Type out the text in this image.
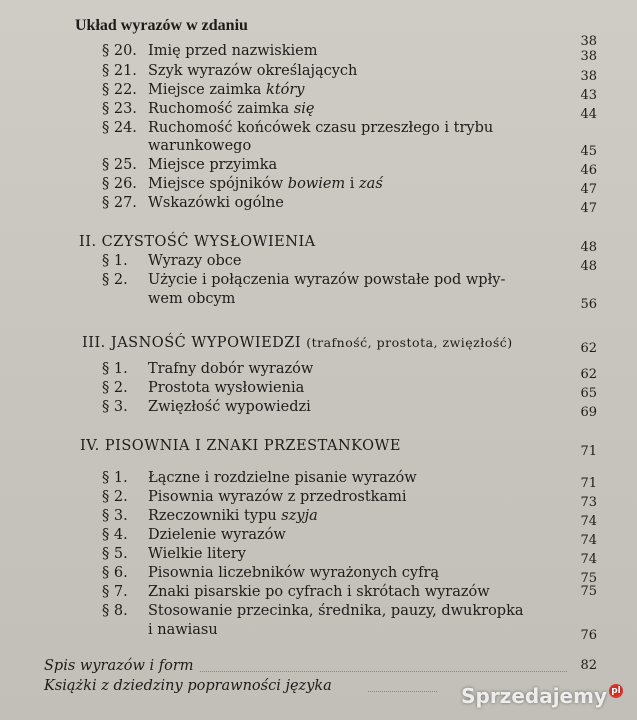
Układ wyrazów w zdaniu
38
§ 20. Imię przed nazwiskiem	38
§ 21. Szyk wyrazów określających	38
§ 22. Miejsce zaimka który	43
§ 23. Ruchomość zaimka się	44
§ 24. Ruchomość końcówek czasu przeszłego i trybu
warunkowego	45
§ 25. Miejsce przyimka	46
§ 26. Miejsce spójników bowiem i zaś	47
§ 27. Wskazówki ogólne	47
II. CZYSTOŚĆ WYSŁOWIENIA	48
§ 1. Wyrazy obce	48
§ 2. Użycie i połączenia wyrazów powstałe pod wpły-
wem obcym	56
III. JASNOŚĆ WYPOWIEDZI (trafność, prostota, zwięzłość)	62
§ 1. Trafny dobór wyrazów	62
§ 2. Prostota wysłowienia	65
§ 3. Zwięzłość wypowiedzi	69
IV. PISOWNIA I ZNAKI PRZESTANKOWE	71
§ 1. Łączne i rozdzielne pisanie wyrazów	71
§ 2. Pisownia wyrazów z przedrostkami	73
§ 3. Rzeczowniki typu szyja	74
§ 4. Dzielenie wyrazów	74
§ 5. Wielkie litery	74
§ 6. Pisownia liczebników wyrażonych cyfrą	75
§ 7. Znaki pisarskie po cyfrach i skrótach wyrazów	75
§ 8. Stosowanie przecinka, średnika, pauzy, dwukropka
i nawiasu	76
Spis wyrazów i form	82
Książki z dziedziny poprawności języka	Sprzedajemy pl
